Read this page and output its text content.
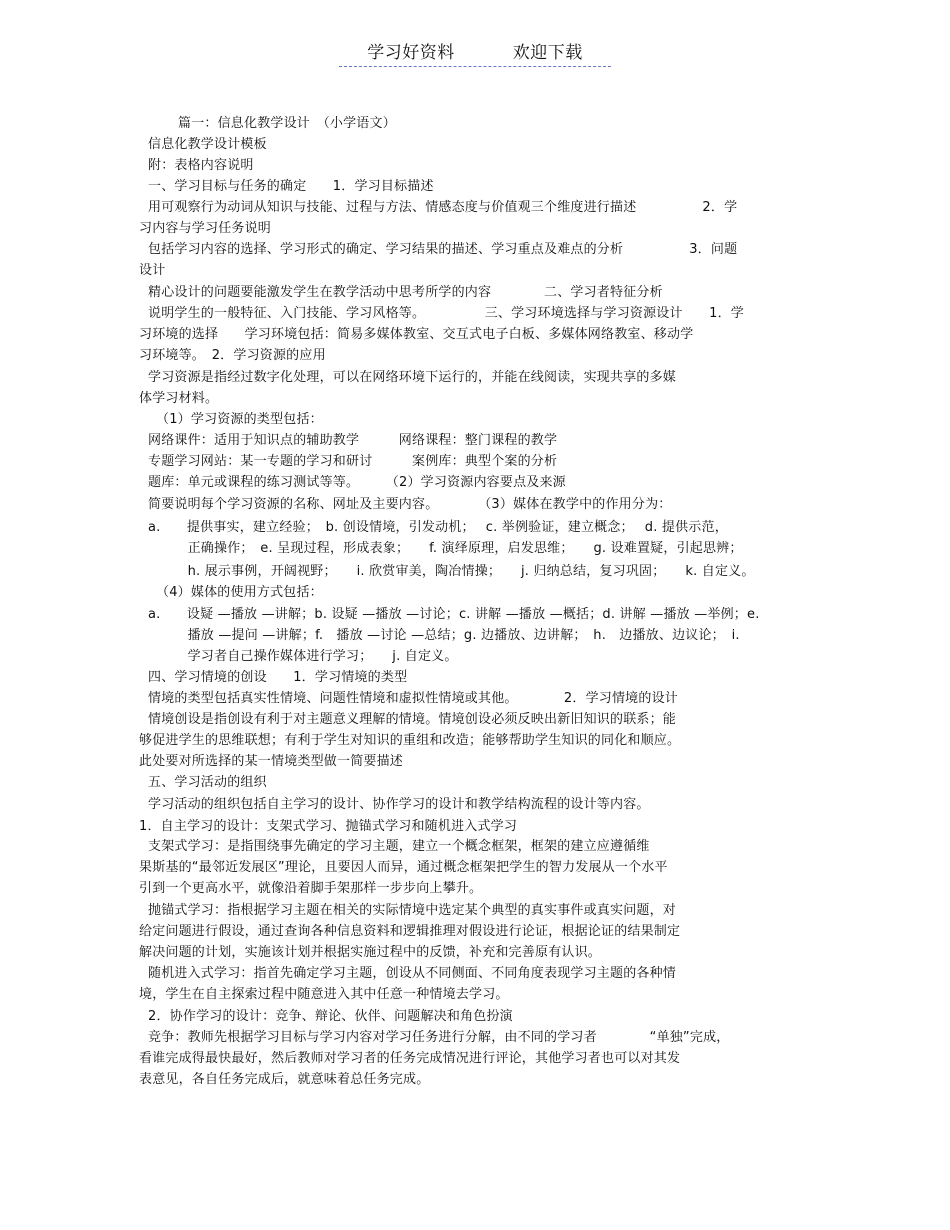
学习好资料	欢迎下载
篇一：信息化教学设计　（小学语文）
信息化教学设计模板
附：表格内容说明
一、学习目标与任务的确定　　1．学习目标描述
用可观察行为动词从知识与技能、过程与方法、情感态度与价值观三个维度进行描述　　　　　2．学
习内容与学习任务说明
包括学习内容的选择、学习形式的确定、学习结果的描述、学习重点及难点的分析　　　　　3．问题
设计
精心设计的问题要能激发学生在教学活动中思考所学的内容　　　　二、学习者特征分析
说明学生的一般特征、入门技能、学习风格等。　　　　　三、学习环境选择与学习资源设计　　1．学
习环境的选择　　学习环境包括：简易多媒体教室、交互式电子白板、多媒体网络教室、移动学
习环境等。　2．学习资源的应用
学习资源是指经过数字化处理，可以在网络环境下运行的，并能在线阅读，实现共享的多媒
体学习材料。
（1）学习资源的类型包括：
网络课件：适用于知识点的辅助教学　　　网络课程：整门课程的教学
专题学习网站：某一专题的学习和研讨　　　案例库：典型个案的分析
题库：单元或课程的练习测试等等。　　　（2）学习资源内容要点及来源
简要说明每个学习资源的名称、网址及主要内容。　　　　（3）媒体在教学中的作用分为：
a.　　提供事实，建立经验；　b. 创设情境，引发动机；　 c. 举例验证，建立概念；　 d. 提供示范，
　　　正确操作；　e. 呈现过程，形成表象；　　f. 演绎原理，启发思维；　　g. 设难置疑，引起思辨；
　　　h. 展示事例，开阔视野；　　i. 欣赏审美，陶冶情操；　　j. 归纳总结，复习巩固；　　k. 自定义。
（4）媒体的使用方式包括：
a.　　设疑 —播放 —讲解；b. 设疑 —播放 —讨论；c. 讲解 —播放 —概括；d. 讲解 —播放 —举例；e.
　　　播放 —提问 —讲解；f.　播放 —讨论 —总结；g. 边播放、边讲解；　h.　边播放、边议论；　i.
　　　学习者自己操作媒体进行学习；　　j. 自定义。
四、学习情境的创设　　1．学习情境的类型
情境的类型包括真实性情境、问题性情境和虚拟性情境或其他。　　　　2．学习情境的设计
情境创设是指创设有利于对主题意义理解的情境。情境创设必须反映出新旧知识的联系；能
够促进学生的思维联想；有利于学生对知识的重组和改造；能够帮助学生知识的同化和顺应。
此处要对所选择的某一情境类型做一简要描述
五、学习活动的组织
学习活动的组织包括自主学习的设计、协作学习的设计和教学结构流程的设计等内容。
1．自主学习的设计：支架式学习、抛锚式学习和随机进入式学习
支架式学习：是指围绕事先确定的学习主题，建立一个概念框架，框架的建立应遵循维
果斯基的“最邻近发展区”理论，且要因人而异，通过概念框架把学生的智力发展从一个水平
引到一个更高水平，就像沿着脚手架那样一步步向上攀升。
抛锚式学习：指根据学习主题在相关的实际情境中选定某个典型的真实事件或真实问题，对
给定问题进行假设，通过查询各种信息资料和逻辑推理对假设进行论证，根据论证的结果制定
解决问题的计划，实施该计划并根据实施过程中的反馈，补充和完善原有认识。
随机进入式学习：指首先确定学习主题，创设从不同侧面、不同角度表现学习主题的各种情
境，学生在自主探索过程中随意进入其中任意一种情境去学习。
2．协作学习的设计：竞争、辩论、伙伴、问题解决和角色扮演
竞争：教师先根据学习目标与学习内容对学习任务进行分解，由不同的学习者　　　　“单独”完成，
看谁完成得最快最好，然后教师对学习者的任务完成情况进行评论，其他学习者也可以对其发
表意见，各自任务完成后，就意味着总任务完成。
